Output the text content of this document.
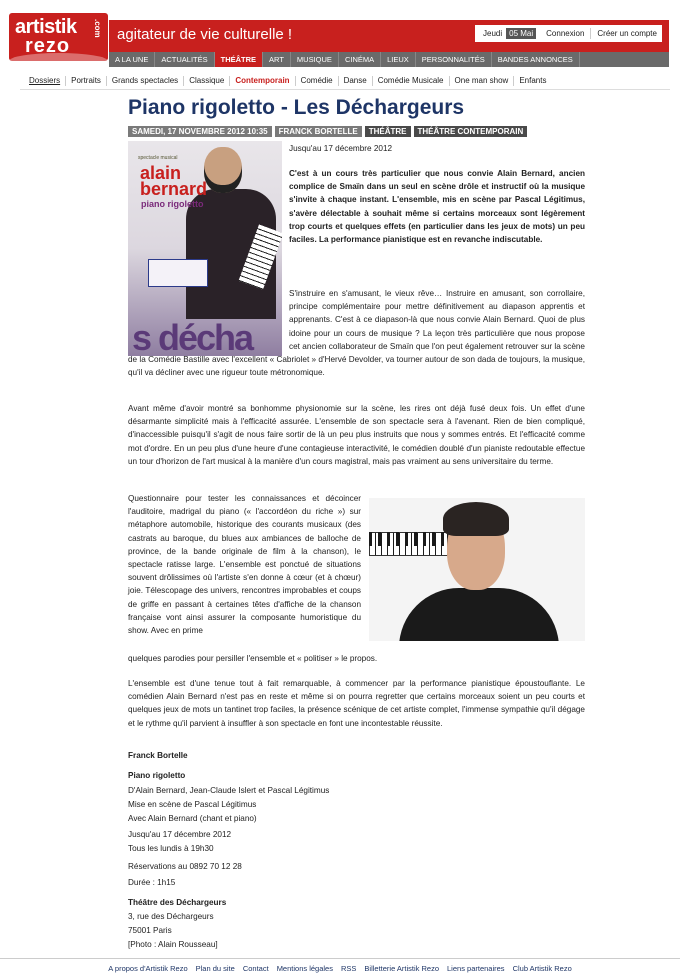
artistik
rezo
.com agitateur de vie culturelle !	Jeudi 05 Mai	Connexion Créer un compte
A LA UNE	ACTUALITÉS	THÉÂTRE	ART	MUSIQUE	CINÉMA	LIEUX	PERSONNALITÉS	BANDES ANNONCES
Dossiers	Portraits	Grands spectacles	Classique	Contemporain	Comédie	Danse	Comédie Musicale	One man show	Enfants
Piano rigoletto - Les Déchargeurs
SAMEDI, 17 NOVEMBRE 2012 10:35	FRANCK BORTELLE	THÉÂTRE	THÉÂTRE CONTEMPORAIN
spectacle musical
alain
bernard
piano rigoletto
s décha
Jusqu'au 17 décembre 2012
C'est à un cours très particulier que nous convie Alain Bernard, ancien complice de Smaïn dans un seul en scène drôle et instructif où la musique s'invite à chaque instant. L'ensemble, mis en scène par Pascal Légitimus, s'avère délectable à souhait même si certains morceaux sont légèrement trop courts et quelques effets (en particulier dans les jeux de mots) un peu faciles. La performance pianistique est en revanche indiscutable.
S'instruire en s'amusant, le vieux rêve… Instruire en amusant, son corrollaire, principe complémentaire pour mettre définitivement au diapason apprentis et apprenants. C'est à ce diapason-là que nous convie Alain Bernard. Quoi de plus idoine pour un cours de musique ? La leçon très particulière que nous propose cet ancien collaborateur de Smaïn que l'on peut également retrouver sur la scène de la Comédie Bastille avec l'excellent « Cabriolet » d'Hervé Devolder, va tourner autour de son dada de toujours, la musique, qu'il va décliner avec une rigueur toute métronomique.
Avant même d'avoir montré sa bonhomme physionomie sur la scène, les rires ont déjà fusé deux fois. Un effet d'une désarmante simplicité mais à l'efficacité assurée. L'ensemble de son spectacle sera à l'avenant. Rien de bien compliqué, d'inaccessible puisqu'il s'agit de nous faire sortir de là un peu plus instruits que nous y sommes entrés. Et l'efficacité comme mot d'ordre. En un peu plus d'une heure d'une contagieuse interactivité, le comédien doublé d'un pianiste redoutable effectue un tour d'horizon de l'art musical à la manière d'un cours magistral, mais pas vraiment au sens universitaire du terme.
Questionnaire pour tester les connaissances et décoincer l'auditoire, madrigal du piano (« l'accordéon du riche ») sur métaphore automobile, historique des courants musicaux (des castrats au baroque, du blues aux ambiances de balloche de province, de la bande originale de film à la chanson), le spectacle ratisse large. L'ensemble est ponctué de situations souvent drôlissimes où l'artiste s'en donne à cœur (et à chœur) joie. Télescopage des univers, rencontres improbables et coups de griffe en passant à certaines têtes d'affiche de la chanson française vont ainsi assurer la composante humoristique du show. Avec en prime
quelques parodies pour persiller l'ensemble et « politiser » le propos.
L'ensemble est d'une tenue tout à fait remarquable, à commencer par la performance pianistique époustouflante. Le comédien Alain Bernard n'est pas en reste et même si on pourra regretter que certains morceaux soient un peu courts et quelques jeux de mots un tantinet trop faciles, la présence scénique de cet artiste complet, l'immense sympathie qu'il dégage et le rythme qu'il parvient à insuffler à son spectacle en font une incontestable réussite.
Franck Bortelle
Piano rigoletto
D'Alain Bernard, Jean-Claude Islert et Pascal Légitimus
Mise en scène de Pascal Légitimus
Avec Alain Bernard (chant et piano)
Jusqu'au 17 décembre 2012
Tous les lundis à 19h30
Réservations au 0892 70 12 28
Durée : 1h15
Théâtre des Déchargeurs
3, rue des Déchargeurs
75001 Paris
[Photo : Alain Rousseau]
A propos d'Artistik Rezo Plan du site Contact Mentions légales RSS Billetterie Artistik Rezo Liens partenaires Club Artistik Rezo
